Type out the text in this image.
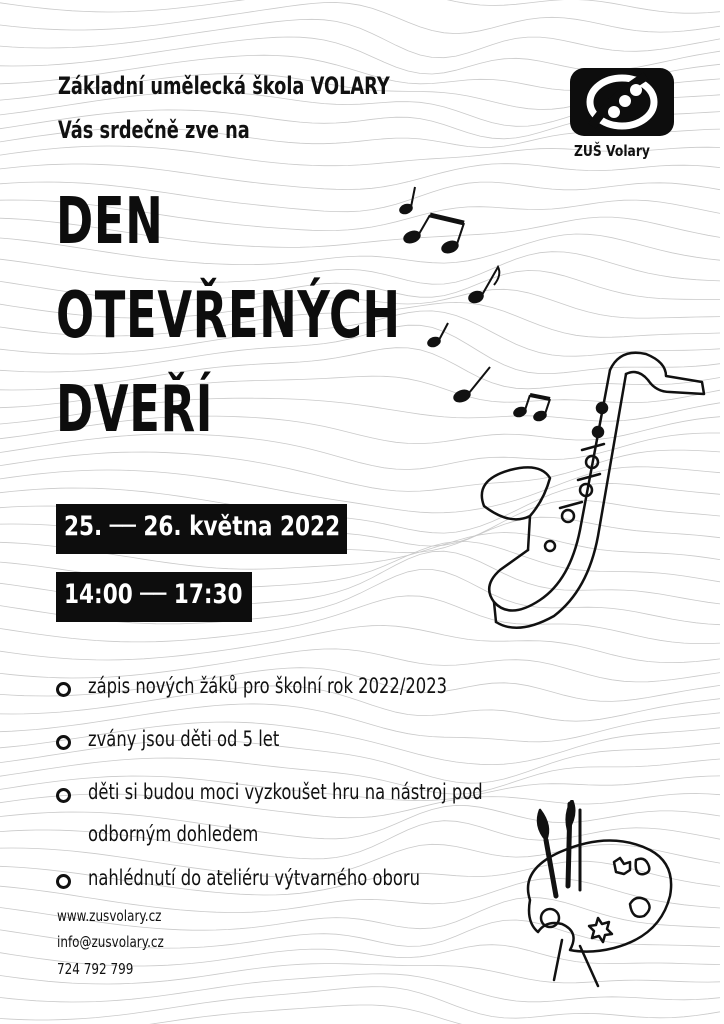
Základní umělecká škola VOLARY
Vás srdečně zve na
DEN
OTEVŘENÝCH
DVEŘÍ
25. ── 26. května 2022
14:00 ── 17:30
zápis nových žáků pro školní rok 2022/2023
zvány jsou děti od 5 let
děti si budou moci vyzkoušet hru na nástroj pod
odborným dohledem
nahlédnutí do ateliéru výtvarného oboru
www.zusvolary.cz
info@zusvolary.cz
724 792 799
ZUŠ Volary
